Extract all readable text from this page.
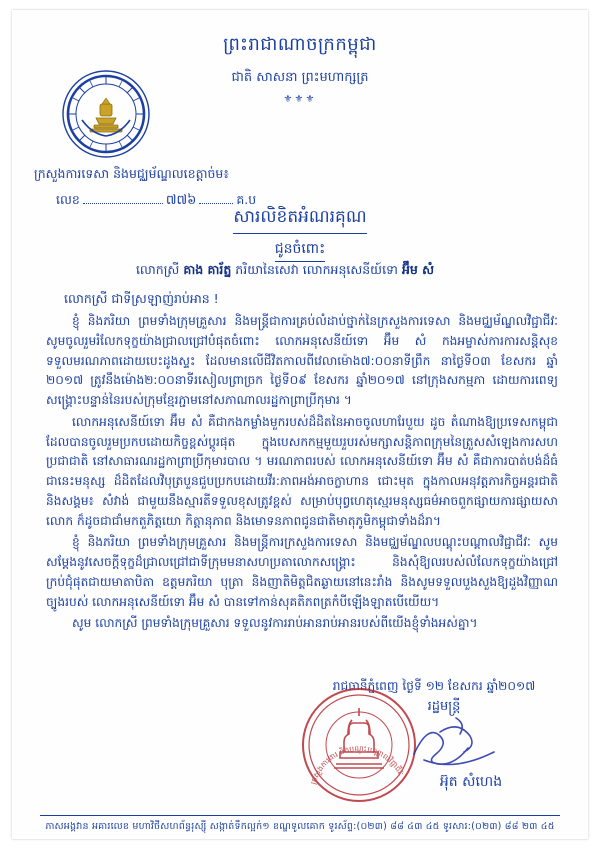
ព្រះរាជាណាចក្រកម្ពុជា
ជាតិ សាសនា ព្រះមហាក្សត្រ
⚜⚜⚜
ក្រសួងការទេសា និងមជ្ឈម័ណ្ឌលខេត្តាច់ម៖
លេខ	៧៧៦	គ.ប
សារលិខិតអំណរគុណ
ជូនចំពោះ
លោកស្រី គាង គារ័ត្ន ភរិយានៃសេវា លោកអនុសេនីយ៍ទោ អ៊ឹម សំ
លោកស្រី ជាទីស្រឡាញ់រាប់អាន !

ខ្ញុំ និងភរិយា ព្រមទាំងក្រុមគ្រួសារ និងមន្ត្រីជាការគ្រប់លំដាប់ថ្នាក់នៃក្រសួងការទេសា និងមជ្ឈម័ណ្ឌលវិជ្ជាជីវៈ សូមចូលរួមរំលែកទុក្ខយ៉ាងជ្រាលជ្រៅបំផុតចំពោះ លោកអនុសេនីយ៍ទោ អ៊ឹម សំ កងអម្ចាស់ការការសន្តិសុខ ទទួលមរណភាពដោយបេះដូងស្ទះ ដែលមានលើជីវិតកាលពីវេលាម៉ោង៧:០០នាទីព្រឹក នាថ្ងៃទី០៣ ខែសករ ឆ្នាំ ២០១៧ ត្រូវនឹងម៉ោង២:០០នាទីរសៀលព្រាច្រក ថ្ងៃទី០៩ ខែសករ ឆ្នាំ២០១៧ នៅក្រុងសកម្មភា ដោយការពេទ្យសង្គ្រោះបន្ទាន់នៃរបស់ក្រុមខ្មែរភ្ជាមនៅសភាណាលរដ្ឋកាព្រាប្រីកុមារ ។

លោកអនុសេនីយ៍ទោ អ៊ឹម សំ គឺជាកងកម្លាំងមួករបស់ដ៏ដិតនៃអាចចូលហារែបួយ ដូច តំណាងឱ្យប្រទេសកម្ពុជា ដែលបានចូលរួមប្រកបដោយកិច្ចខ្ពស់ប្តូរផុត ក្នុងបេសកកម្មមួយរួបរស់មក្សាសន្តិភាពក្រុមនៃត្រួសសំឡេងការសហប្រជាជាតិ នៅសាធារណរដ្ឋកាព្រាប្រីកុមារបាល ។ មរណភាពរបស់ លោកអនុសេនីយ៍ទោ អ៊ឹម សំ គឺជាការបាត់បង់ដ៏ធំជានេះមនុស្ស ដ៏ដិតដែលវិបុត្របួនជួបប្រកបដោយវីរ:ភាពអង់អាចក្លាហាន ជោះមុត ក្នុងកាលអនុវត្តភារកិច្ចអន្តរជាតិនិងសង្គម៖ សំវាង់ ជាមួយនឹងស្មារតីទទួលខុសត្រូវខ្ពស់ សម្រាប់បុព្វហេតុស្មេរមនុស្សធម៌អាចពួកផ្សាយការផ្សាយសាលោក ក៏ដូចជាជាំមកតួភិត្តយោ កិត្តានុភាព និងមោទនភាពជូនជាតិមាតុភូមិកម្ពុជាទាំងដ៏រា។

ខ្ញុំ និងភរិយា ព្រមទាំងក្រុមគ្រួសារ និងមន្ត្រីការក្រសួងការទេសា និងមជ្ឈម័ណ្ឌលបណ្តុះបណ្តាលវិជ្ជាជីវៈ សូមសម្តែងនូវសេចក្តីទុក្ខដ៏ជ្រាលជ្រៅជាទីក្រុមមនាសហប្រតាលោកសង្គ្រោះ និងសុំឱ្យលរបស់លំលែកទុក្ខយ៉ាងជ្រៅក្រប់ជុំផុតជាយមាតាបិតា ឧត្តមភរិយា បុត្រា និងញាតិមិត្តជិតឆ្ងាយនៅនេះរាំង និងសូមទទួលបួងសួងឱ្យដួងវិញ្ញាណច្បូងរបស់ លោកអនុសេនីយ៍ទោ អ៊ឹម សំ បានទៅកាន់សុគតិភពត្រកំបីឡើងឡាតបើយើយ។

សូម លោកស្រី ព្រមទាំងក្រុមគ្រួសារ ទទួលនូវការរាប់អានរាប់អានរបស់ពីយើងខ្ញុំទាំងអស់គ្នា។

រាជធានីភ្នំពេញ ថ្ងៃទី ១២ ខែសករ ឆ្នាំ២០១៧
រដ្ឋមន្ត្រី
អ៊ុត សំហេង
ក្រសួងការងារ និងបណ្តុះបណ្តាលវិជ្ជាជីវៈ
ភាសអង្គវាន អគារលេខ មហាវិថីសហព័ន្ធរុស្ស៊ី សង្កាត់ទឹកល្អក់១ ខណ្ឌទូលគោក ទូរស័ព្ទ:(០២៣) ៨៨ ៤៣ ៤៥ ទូរសារ:(០២៣) ៨៨ ២៣ ៤៥
